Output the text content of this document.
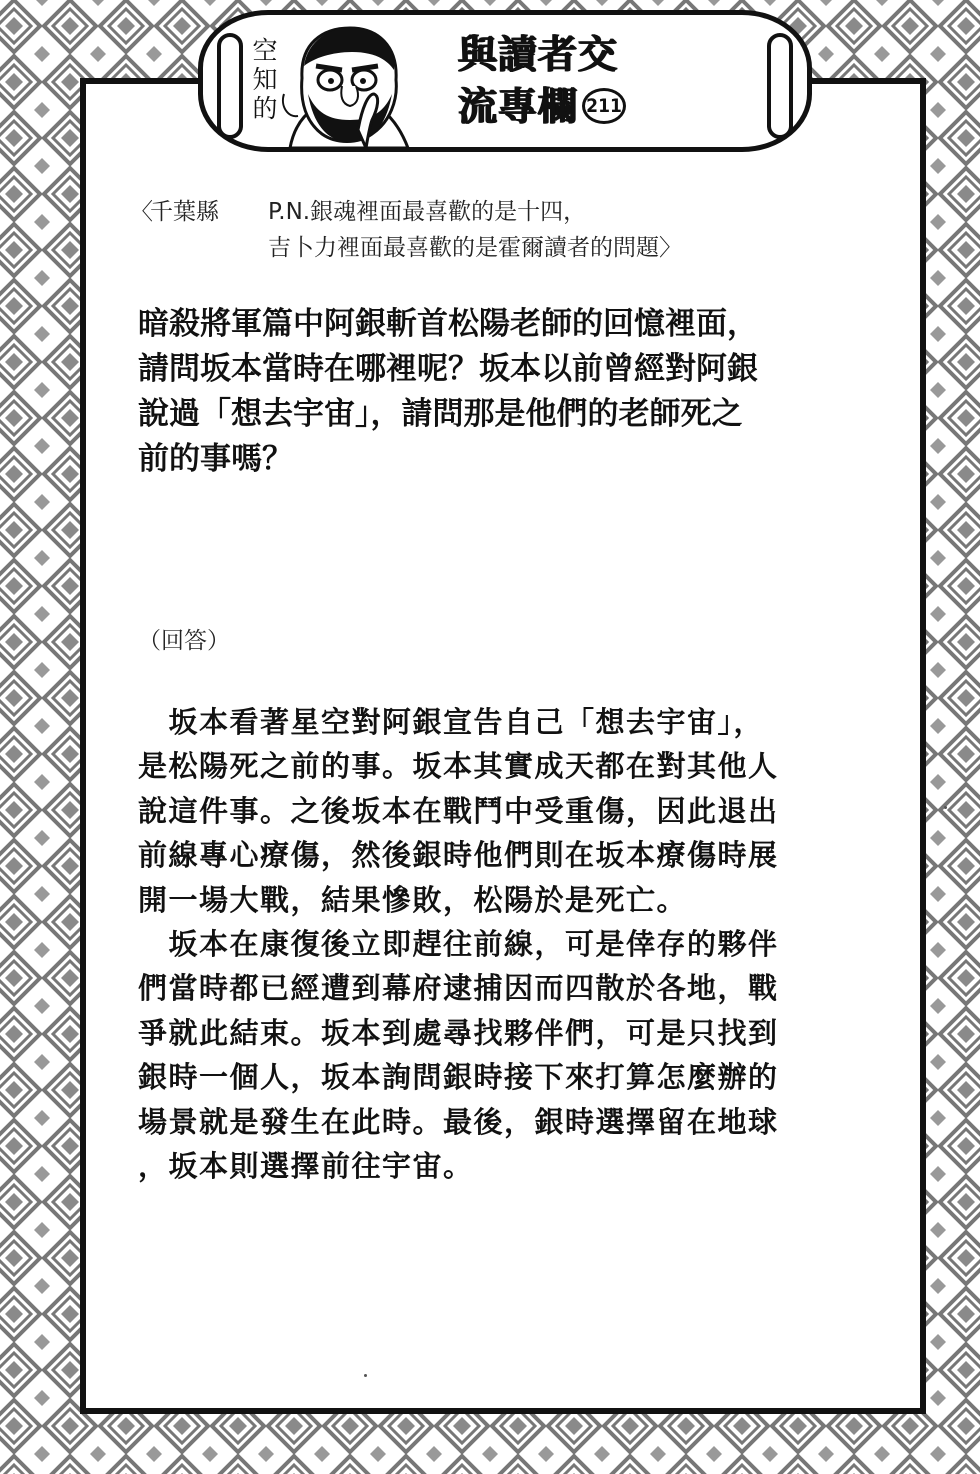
空
知
的
與讀者交
流專欄 211
〈
千葉縣 P.N.銀魂裡面最喜歡的是十四，
吉卜力裡面最喜歡的是霍爾讀者的問題〉
暗殺將軍篇中阿銀斬首松陽老師的回憶裡面，
請問坂本當時在哪裡呢？坂本以前曾經對阿銀
說過「想去宇宙」，請問那是他們的老師死之
前的事嗎？
（回答）
　坂本看著星空對阿銀宣告自己「想去宇宙」，
是松陽死之前的事。坂本其實成天都在對其他人
說這件事。之後坂本在戰鬥中受重傷，因此退出
前線專心療傷，然後銀時他們則在坂本療傷時展
開一場大戰，結果慘敗，松陽於是死亡。
　坂本在康復後立即趕往前線，可是倖存的夥伴
們當時都已經遭到幕府逮捕因而四散於各地，戰
爭就此結束。坂本到處尋找夥伴們，可是只找到
銀時一個人，坂本詢問銀時接下來打算怎麼辦的
場景就是發生在此時。最後，銀時選擇留在地球
，坂本則選擇前往宇宙。
